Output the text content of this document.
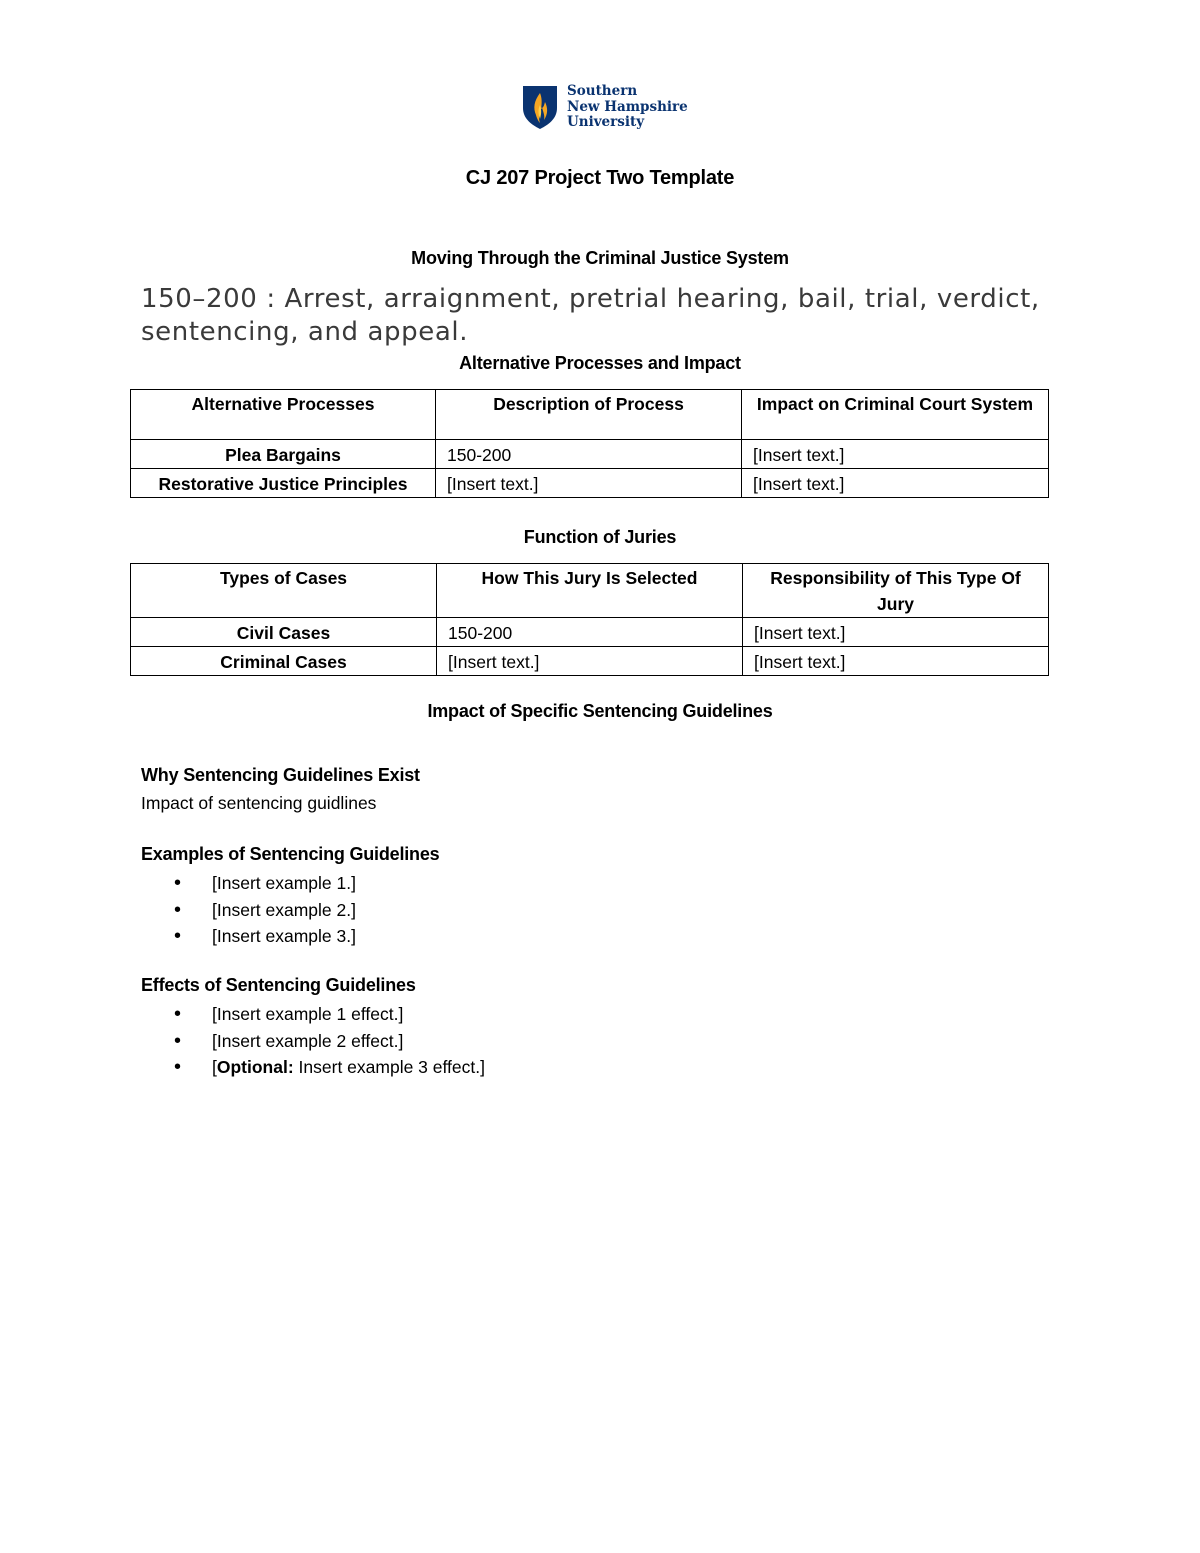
Southern
New Hampshire
University
CJ 207 Project Two Template
Moving Through the Criminal Justice System
150–200 : Arrest, arraignment, pretrial hearing, bail, trial, verdict, sentencing, and appeal.
Alternative Processes and Impact
Alternative Processes	Description of Process	Impact on Criminal Court System
Plea Bargains	150-200	[Insert text.]
Restorative Justice Principles	[Insert text.]	[Insert text.]
Function of Juries
Types of Cases	How This Jury Is Selected	Responsibility of This Type Of Jury
Civil Cases	150-200	[Insert text.]
Criminal Cases	[Insert text.]	[Insert text.]
Impact of Specific Sentencing Guidelines
Why Sentencing Guidelines Exist
Impact of sentencing guidlines
Examples of Sentencing Guidelines
• [Insert example 1.]
• [Insert example 2.]
• [Insert example 3.]
Effects of Sentencing Guidelines
• [Insert example 1 effect.]
• [Insert example 2 effect.]
• [Optional: Insert example 3 effect.]
